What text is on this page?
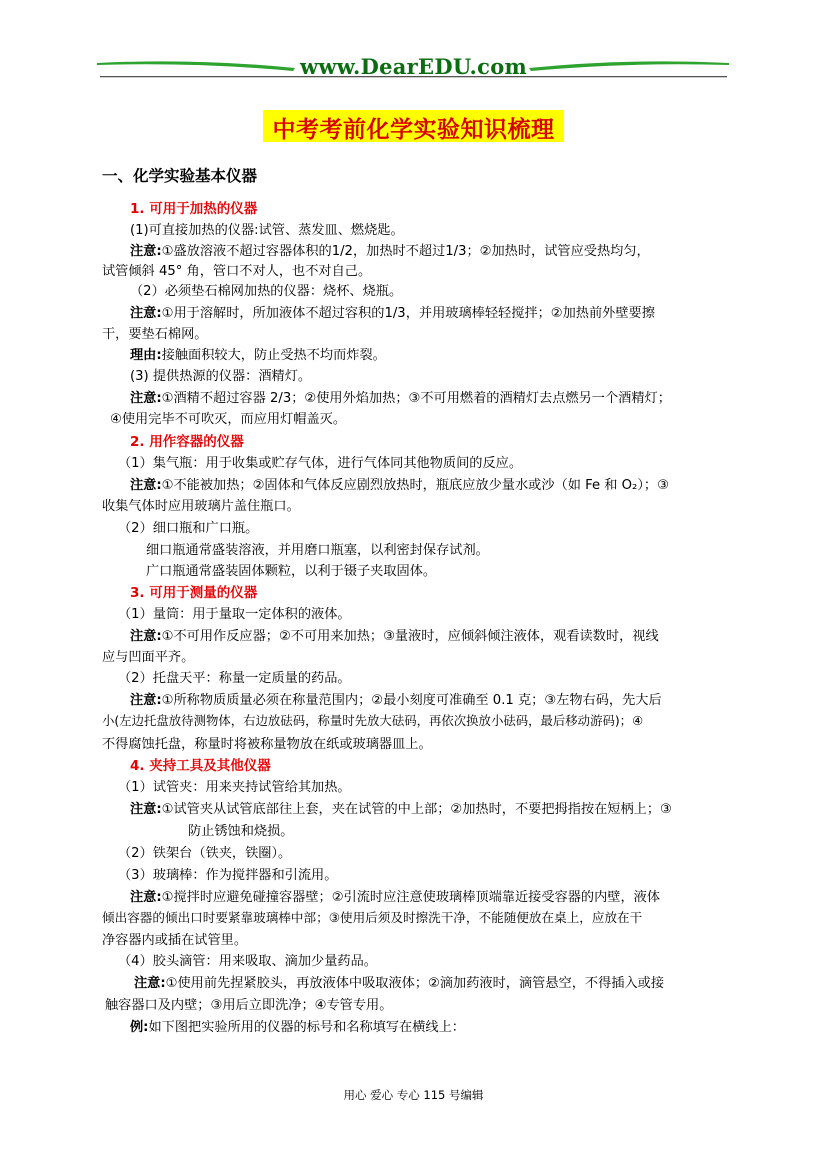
www.DearEDU.com
中考考前化学实验知识梳理
一、化学实验基本仪器
1. 可用于加热的仪器
(1)可直接加热的仪器:试管、蒸发皿、燃烧匙。
注意:①盛放溶液不超过容器体积的1/2，加热时不超过1/3；②加热时，试管应受热均匀，
试管倾斜 45° 角，管口不对人，也不对自己。
（2）必须垫石棉网加热的仪器：烧杯、烧瓶。
注意:①用于溶解时，所加液体不超过容积的1/3，并用玻璃棒轻轻搅拌；②加热前外壁要擦
干，要垫石棉网。
理由:接触面积较大，防止受热不均而炸裂。
(3) 提供热源的仪器：酒精灯。
注意:①酒精不超过容器 2/3；②使用外焰加热；③不可用燃着的酒精灯去点燃另一个酒精灯；
④使用完毕不可吹灭，而应用灯帽盖灭。
2. 用作容器的仪器
（1）集气瓶：用于收集或贮存气体，进行气体同其他物质间的反应。
注意:①不能被加热；②固体和气体反应剧烈放热时，瓶底应放少量水或沙（如 Fe 和 O₂）；③
收集气体时应用玻璃片盖住瓶口。
（2）细口瓶和广口瓶。
细口瓶通常盛装溶液，并用磨口瓶塞，以利密封保存试剂。
广口瓶通常盛装固体颗粒，以利于镊子夹取固体。
3. 可用于测量的仪器
（1）量筒：用于量取一定体积的液体。
注意:①不可用作反应器；②不可用来加热；③量液时，应倾斜倾注液体，观看读数时，视线
应与凹面平齐。
（2）托盘天平：称量一定质量的药品。
注意:①所称物质质量必须在称量范围内；②最小刻度可准确至 0.1 克；③左物右码，先大后
小(左边托盘放待测物体，右边放砝码，称量时先放大砝码，再依次换放小砝码，最后移动游码)；④
不得腐蚀托盘，称量时将被称量物放在纸或玻璃器皿上。
4. 夹持工具及其他仪器
（1）试管夹：用来夹持试管给其加热。
注意:①试管夹从试管底部往上套，夹在试管的中上部；②加热时，不要把拇指按在短柄上；③
防止锈蚀和烧损。
（2）铁架台（铁夹，铁圈）。
（3）玻璃棒：作为搅拌器和引流用。
注意:①搅拌时应避免碰撞容器壁；②引流时应注意使玻璃棒顶端靠近接受容器的内壁，液体
倾出容器的倾出口时要紧靠玻璃棒中部；③使用后须及时擦洗干净，不能随便放在桌上，应放在干
净容器内或插在试管里。
（4）胶头滴管：用来吸取、滴加少量药品。
注意:①使用前先捏紧胶头，再放液体中吸取液体；②滴加药液时，滴管悬空，不得插入或接
触容器口及内壁；③用后立即洗净；④专管专用。
例:如下图把实验所用的仪器的标号和名称填写在横线上：
用心 爱心 专心 115 号编辑
